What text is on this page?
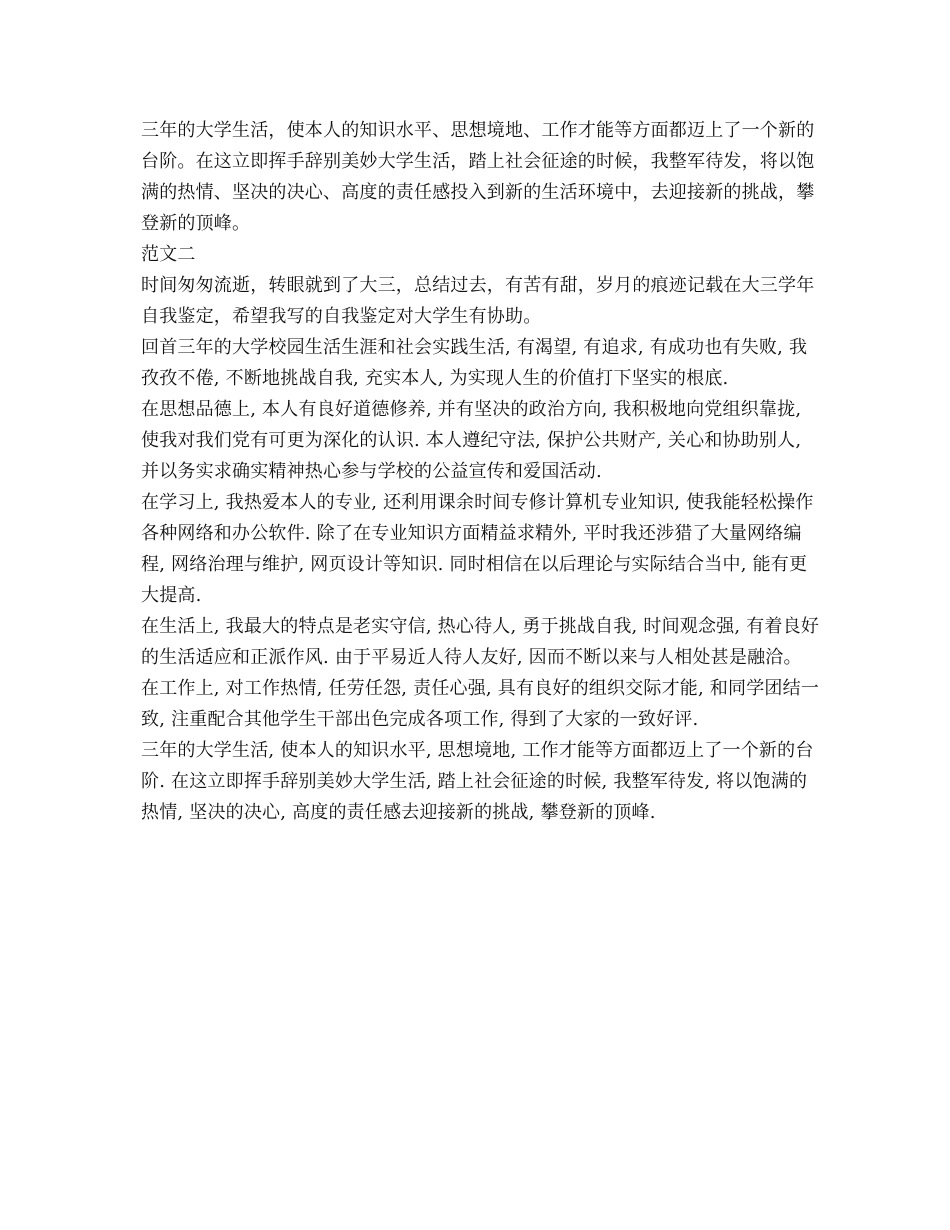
三年的大学生活，使本人的知识水平、思想境地、工作才能等方面都迈上了一个新的台阶。在这立即挥手辞别美妙大学生活，踏上社会征途的时候，我整军待发，将以饱满的热情、坚决的决心、高度的责任感投入到新的生活环境中，去迎接新的挑战，攀登新的顶峰。

范文二

时间匆匆流逝，转眼就到了大三，总结过去，有苦有甜，岁月的痕迹记载在大三学年自我鉴定，希望我写的自我鉴定对大学生有协助。

回首三年的大学校园生活生涯和社会实践生活, 有渴望, 有追求, 有成功也有失败, 我孜孜不倦, 不断地挑战自我, 充实本人, 为实现人生的价值打下坚实的根底.

在思想品德上, 本人有良好道德修养, 并有坚决的政治方向, 我积极地向党组织靠拢, 使我对我们党有可更为深化的认识. 本人遵纪守法, 保护公共财产, 关心和协助别人, 并以务实求确实精神热心参与学校的公益宣传和爱国活动.

在学习上, 我热爱本人的专业, 还利用课余时间专修计算机专业知识, 使我能轻松操作各种网络和办公软件. 除了在专业知识方面精益求精外, 平时我还涉猎了大量网络编程, 网络治理与维护, 网页设计等知识. 同时相信在以后理论与实际结合当中, 能有更大提高.

在生活上, 我最大的特点是老实守信, 热心待人, 勇于挑战自我, 时间观念强, 有着良好的生活适应和正派作风. 由于平易近人待人友好, 因而不断以来与人相处甚是融洽。

在工作上, 对工作热情, 任劳任怨, 责任心强, 具有良好的组织交际才能, 和同学团结一致, 注重配合其他学生干部出色完成各项工作, 得到了大家的一致好评.

三年的大学生活, 使本人的知识水平, 思想境地, 工作才能等方面都迈上了一个新的台阶. 在这立即挥手辞别美妙大学生活, 踏上社会征途的时候, 我整军待发, 将以饱满的热情, 坚决的决心, 高度的责任感去迎接新的挑战, 攀登新的顶峰.
